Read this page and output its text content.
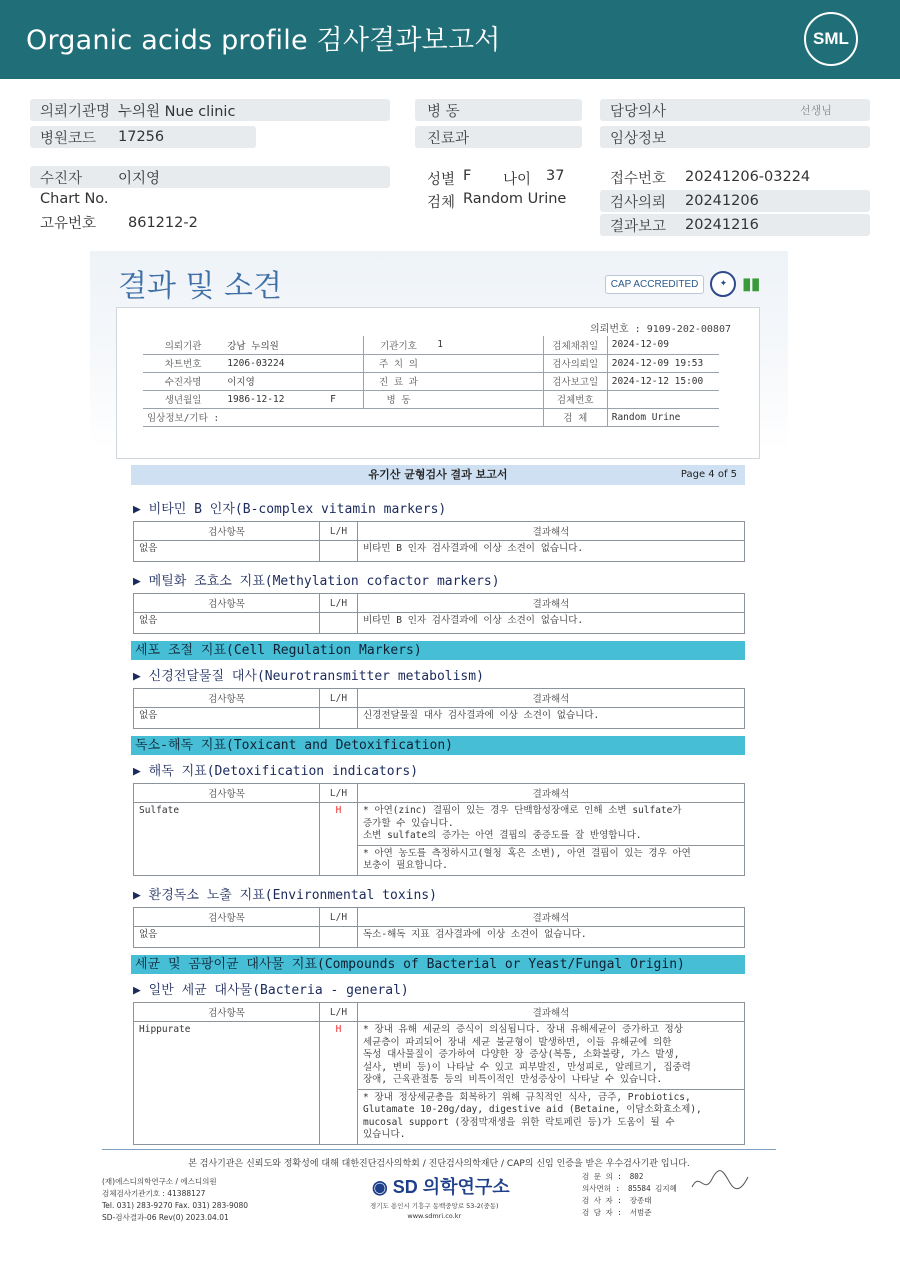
Organic acids profile 검사결과보고서	SML
의뢰기관명 누의원 Nue clinic
병원코드	17256
병 동
진료과
담당의사	선생님
임상정보
수진자	이지영
Chart No.
고유번호 861212-2
성별 F 나이 37
검체 Random Urine
접수번호	20241206-03224
검사의뢰	20241206
결과보고	20241216
결과 및 소견	CAP ACCREDITED	✦ ▮▮
의뢰번호 : 9109-202-00807
의뢰기관	강남 누의원	기관기호	1	검체채취일	2024-12-09
차트번호	1206-03224	주 치 의		검사의뢰일	2024-12-09 19:53
수진자명	이지영	진 료 과		검사보고일	2024-12-12 15:00
생년월일	1986-12-12        F	병 동		검체번호	
임상정보/기타 :				검 체	Random Urine
유기산 균형검사 결과 보고서	Page 4 of 5
▶ 비타민 B 인자(B-complex vitamin markers)
검사항목	L/H	결과해석
없음		비타민 B 인자 검사결과에 이상 소견이 없습니다.
▶ 메틸화 조효소 지표(Methylation cofactor markers)
검사항목	L/H	결과해석
없음		비타민 B 인자 검사결과에 이상 소견이 없습니다.
세포 조절 지표(Cell Regulation Markers)
▶ 신경전달물질 대사(Neurotransmitter metabolism)
검사항목	L/H	결과해석
없음		신경전달물질 대사 검사결과에 이상 소견이 없습니다.
독소-해독 지표(Toxicant and Detoxification)
▶ 해독 지표(Detoxification indicators)
검사항목	L/H	결과해석
Sulfate	H	* 아연(zinc) 결핍이 있는 경우 단백합성장애로 인해 소변 sulfate가
증가할 수 있습니다.
소변 sulfate의 증가는 아연 결핍의 중증도를 잘 반영합니다.
		* 아연 농도를 측정하시고(혈청 혹은 소변), 아연 결핍이 있는 경우 아연
보충이 필요합니다.
▶ 환경독소 노출 지표(Environmental toxins)
검사항목	L/H	결과해석
없음		독소-해독 지표 검사결과에 이상 소견이 없습니다.
세균 및 곰팡이균 대사물 지표(Compounds of Bacterial or Yeast/Fungal Origin)
▶ 일반 세균 대사물(Bacteria - general)
검사항목	L/H	결과해석
Hippurate	H	* 장내 유해 세균의 증식이 의심됩니다. 장내 유해세균이 증가하고 정상
세균층이 파괴되어 장내 세균 불균형이 발생하면, 이들 유해균에 의한
독성 대사물질이 증가하여 다양한 장 증상(복통, 소화불량, 가스 발생,
설사, 변비 등)이 나타날 수 있고 피부발진, 만성피로, 알레르기, 집중력
장애, 근육관절통 등의 비특이적인 만성증상이 나타날 수 있습니다.
		* 장내 정상세균총을 회복하기 위해 규칙적인 식사, 금주, Probiotics,
Glutamate 10-20g/day, digestive aid (Betaine, 이담소화효소제),
mucosal support (장점막재생을 위한 락토페린 등)가 도움이 될 수
있습니다.
본 검사기관은 신뢰도와 정확성에 대해 대한진단검사의학회 / 진단검사의학재단 / CAP의 신임 인증을 받은 우수검사기관 입니다.
(재)에스디의학연구소 / 에스디의원
검체검사기관기호 : 41388127
Tel. 031) 283-9270 Fax. 031) 283-9080
SD-검사결과-06 Rev(0) 2023.04.01
◉ SD 의학연구소
경기도 용인시 기흥구 동백중앙로 53-2(중동)
www.sdmri.co.kr
검 문 의 : 802
의사면허 : 85584 김지혜
검 사 자 : 장종태
검 담 자 : 서범준
